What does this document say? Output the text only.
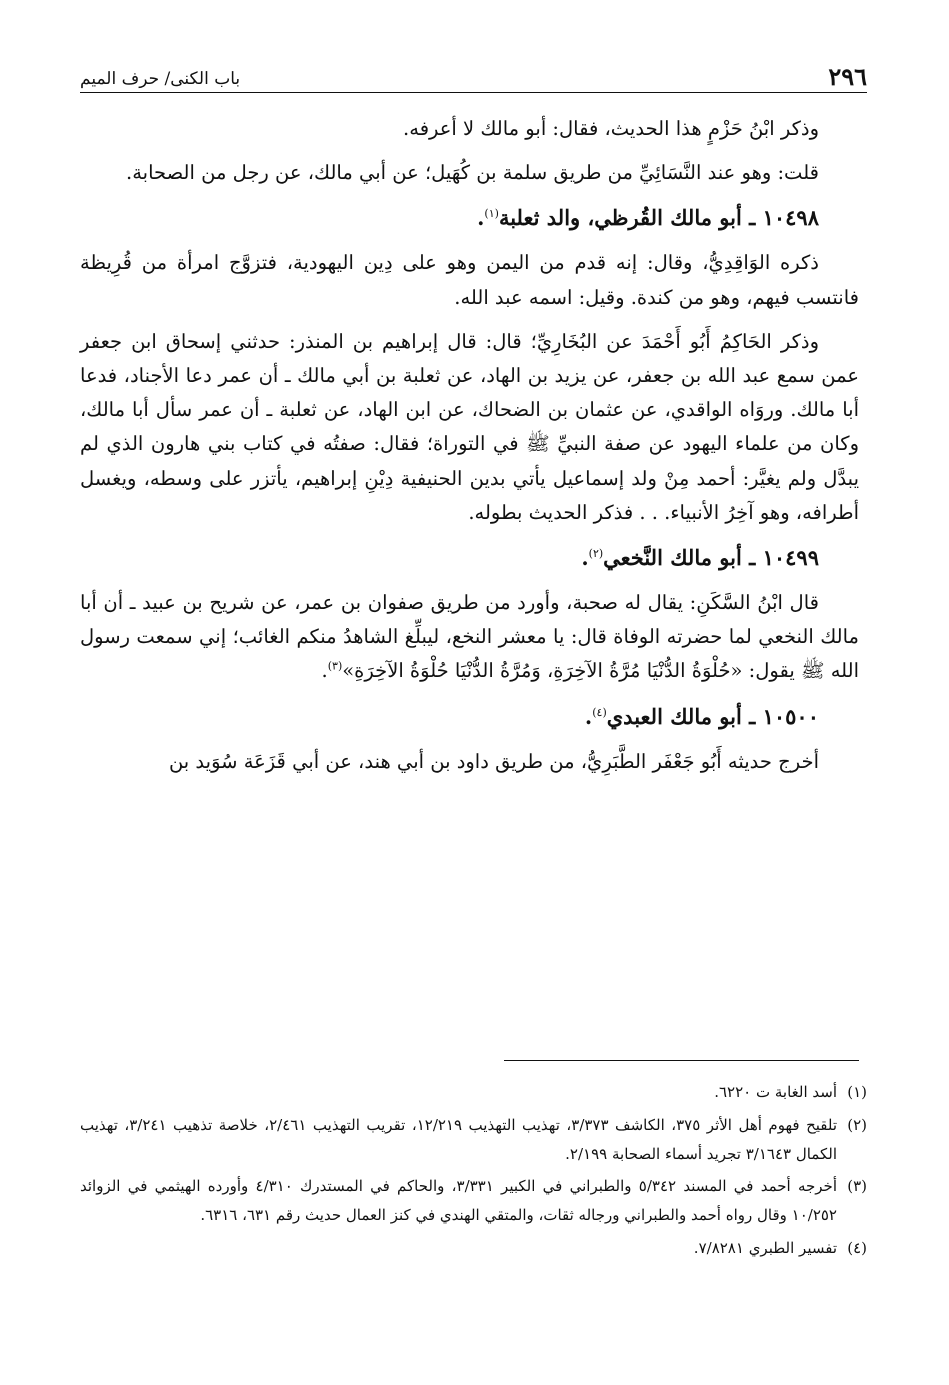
٢٩٦
باب الكنى/ حرف الميم

وذكر ابْنُ حَزْمٍ هذا الحديث، فقال: أبو مالك لا أعرفه.

قلت: وهو عند النَّسَائِيِّ من طريق سلمة بن كُهَيل؛ عن أبي مالك، عن رجل من الصحابة.

١٠٤٩٨ ـ أبو مالك القُرظي، والد ثعلبة$^{(١)}$.

ذكره الوَاقِدِيُّ، وقال: إنه قدم من اليمن وهو على دِين اليهودية، فتزوَّج امرأة من قُرِيظة فانتسب فيهم، وهو من كندة. وقيل: اسمه عبد الله.

وذكر الحَاكِمُ أَبُو أَحْمَدَ عن البُخَارِيِّ؛ قال: قال إبراهيم بن المنذر: حدثني إسحاق ابن جعفر عمن سمع عبد الله بن جعفر، عن يزيد بن الهاد، عن ثعلبة بن أبي مالك ـ أن عمر دعا الأجناد، فدعا أبا مالك. وروَاه الواقدي، عن عثمان بن الضحاك، عن ابن الهاد، عن ثعلبة ـ أن عمر سأل أبا مالك، وكان من علماء اليهود عن صفة النبيِّ ﷺ في التوراة؛ فقال: صفتُه في كتاب بني هارون الذي لم يبدَّل ولم يغيَّر: أحمد مِنْ ولد إسماعيل يأتي بدين الحنيفية دِيْنِ إبراهيم، يأتزر على وسطه، ويغسل أطرافه، وهو آخِرُ الأنبياء. . . فذكر الحديث بطوله.

١٠٤٩٩ ـ أبو مالك النَّخعي$^{(٢)}$.

قال ابْنُ السَّكَنِ: يقال له صحبة، وأورد من طريق صفوان بن عمر، عن شريح بن عبيد ـ أن أبا مالك النخعي لما حضرته الوفاة قال: يا معشر النخع، ليبلِّغ الشاهدُ منكم الغائب؛ إني سمعت رسول الله ﷺ يقول: «حُلْوَةُ الدُّنْيَا مُرَّةُ الآخِرَةِ، وَمُرَّةُ الدُّنْيَا حُلْوَةُ الآخِرَةِ»$^{(٣)}$.

١٠٥٠٠ ـ أبو مالك العبدي$^{(٤)}$.

أخرج حديثه أَبُو جَعْفَر الطَّبَرِيُّ، من طريق داود بن أبي هند، عن أبي قَزَعَة سُوَيد بن

(١)
أسد الغابة ت ٦٢٢٠.
(٢)
تلقيح فهوم أهل الأثر ٣٧٥، الكاشف ٣/٣٧٣، تهذيب التهذيب ١٢/٢١٩، تقريب التهذيب ٢/٤٦١، خلاصة تذهيب ٣/٢٤١، تهذيب الكمال ٣/١٦٤٣ تجريد أسماء الصحابة ٢/١٩٩.
(٣)
أخرجه أحمد في المسند ٥/٣٤٢ والطبراني في الكبير ٣/٣٣١، والحاكم في المستدرك ٤/٣١٠ وأورده الهيثمي في الزوائد ١٠/٢٥٢ وقال رواه أحمد والطبراني ورجاله ثقات، والمتقي الهندي في كنز العمال حديث رقم ٦٣١، ٦٣١٦.
(٤)
تفسير الطبري ٧/٨٢٨١.
